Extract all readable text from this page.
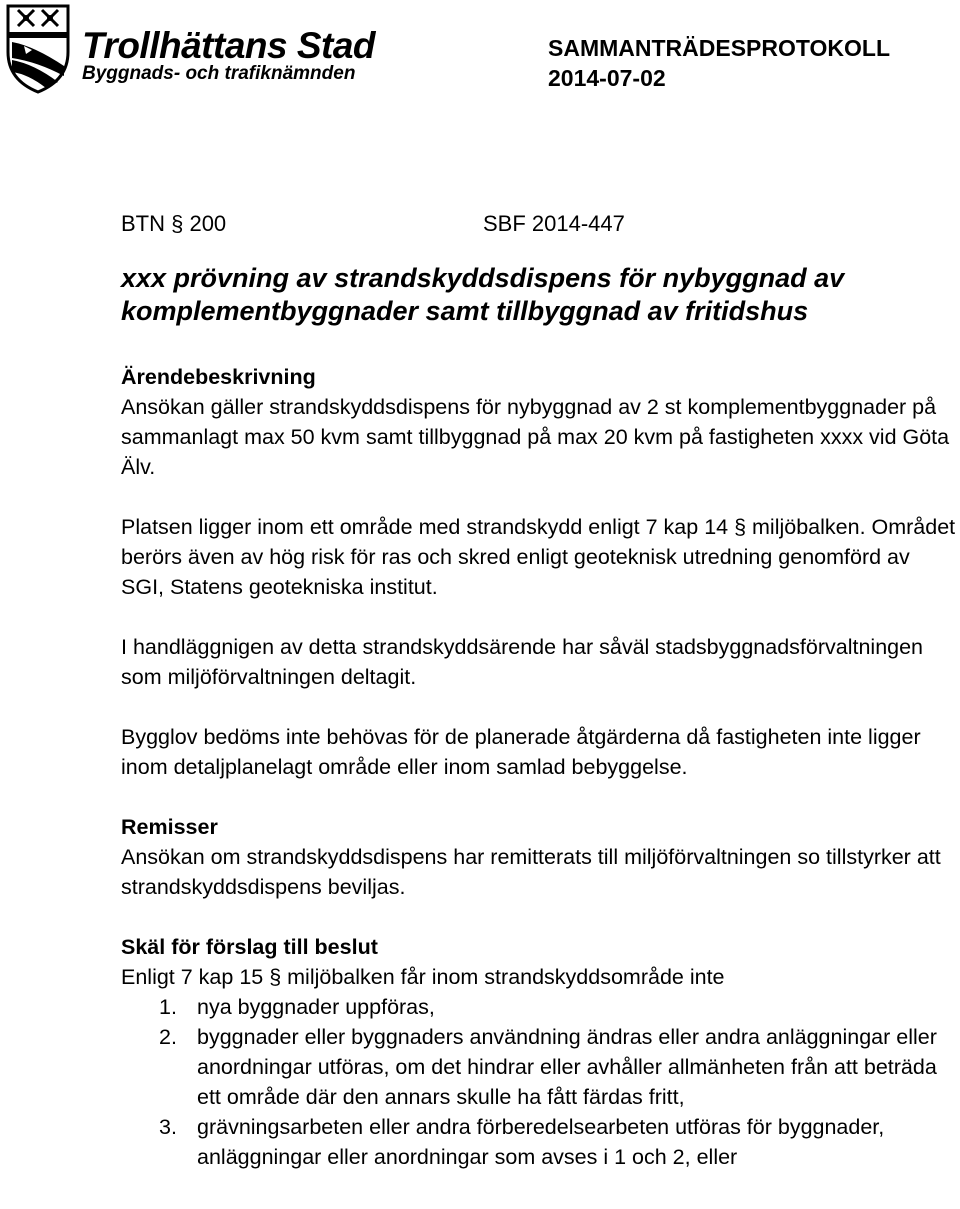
Trollhättans Stad
Byggnads- och trafiknämnden
SAMMANTRÄDESPROTOKOLL
2014-07-02
BTN § 200	SBF 2014-447
xxx prövning av strandskyddsdispens för nybyggnad av komplementbyggnader samt tillbyggnad av fritidshus
Ärendebeskrivning

Ansökan gäller strandskyddsdispens för nybyggnad av 2 st komplementbyggnader på sammanlagt max 50 kvm samt tillbyggnad på max 20 kvm på fastigheten xxxx vid Göta Älv.

Platsen ligger inom ett område med strandskydd enligt 7 kap 14 § miljöbalken. Området berörs även av hög risk för ras och skred enligt geoteknisk utredning genomförd av SGI, Statens geotekniska institut.

I handläggnigen av detta strandskyddsärende har såväl stadsbyggnadsförvaltningen som miljöförvaltningen deltagit.

Bygglov bedöms inte behövas för de planerade åtgärderna då fastigheten inte ligger inom detaljplanelagt område eller inom samlad bebyggelse.

Remisser

Ansökan om strandskyddsdispens har remitterats till miljöförvaltningen so tillstyrker att strandskyddsdispens beviljas.

Skäl för förslag till beslut

Enligt 7 kap 15 § miljöbalken får inom strandskyddsområde inte

1. nya byggnader uppföras,
2. byggnader eller byggnaders användning ändras eller andra anläggningar eller anordningar utföras, om det hindrar eller avhåller allmänheten från att beträda ett område där den annars skulle ha fått färdas fritt,
3. grävningsarbeten eller andra förberedelsearbeten utföras för byggnader, anläggningar eller anordningar som avses i 1 och 2, eller
